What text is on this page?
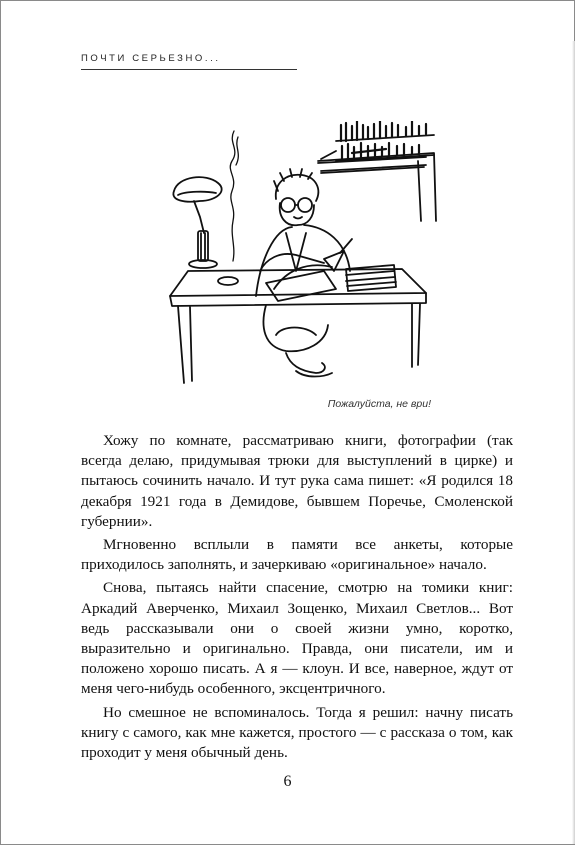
ПОЧТИ СЕРЬЕЗНО...
Пожалуйста, не ври!

Хожу по комнате, рассматриваю книги, фотографии (так всегда делаю, придумывая трюки для выступлений в цирке) и пытаюсь сочинить начало. И тут рука сама пишет: «Я родился 18 декабря 1921 года в Демидове, бывшем Поречье, Смоленской губернии».

Мгновенно всплыли в памяти все анкеты, которые приходилось заполнять, и зачеркиваю «оригинальное» начало.

Снова, пытаясь найти спасение, смотрю на томики книг: Аркадий Аверченко, Михаил Зощенко, Михаил Светлов... Вот ведь рассказывали они о своей жизни умно, коротко, выразительно и оригинально. Правда, они писатели, им и положено хорошо писать. А я — клоун. И все, наверное, ждут от меня чего-нибудь особенного, эксцентричного.

Но смешное не вспоминалось. Тогда я решил: начну писать книгу с самого, как мне кажется, простого — с рассказа о том, как проходит у меня обычный день.

6
